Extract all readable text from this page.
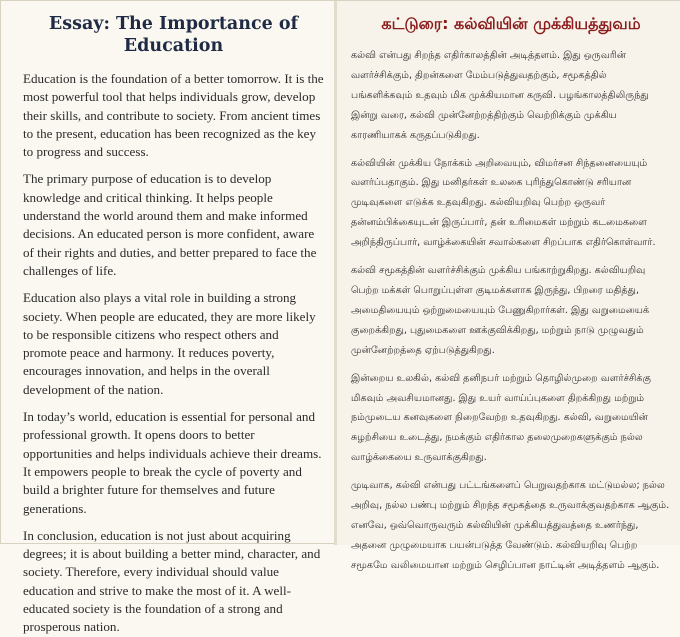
Essay: The Importance of Education

Education is the foundation of a better tomorrow. It is the most powerful tool that helps individuals grow, develop their skills, and contribute to society. From ancient times to the present, education has been recognized as the key to progress and success.

The primary purpose of education is to develop knowledge and critical thinking. It helps people understand the world around them and make informed decisions. An educated person is more confident, aware of their rights and duties, and better prepared to face the challenges of life.

Education also plays a vital role in building a strong society. When people are educated, they are more likely to be responsible citizens who respect others and promote peace and harmony. It reduces poverty, encourages innovation, and helps in the overall development of the nation.

In today’s world, education is essential for personal and professional growth. It opens doors to better opportunities and helps individuals achieve their dreams. It empowers people to break the cycle of poverty and build a brighter future for themselves and future generations.

In conclusion, education is not just about acquiring degrees; it is about building a better mind, character, and society. Therefore, every individual should value education and strive to make the most of it. A well-educated society is the foundation of a strong and prosperous nation.

கட்டுரை: கல்வியின் முக்கியத்துவம்

கல்வி என்பது சிறந்த எதிர்காலத்தின் அடித்தளம். இது ஒருவரின் வளர்ச்சிக்கும், திறன்களை மேம்படுத்துவதற்கும், சமூகத்தில் பங்களிக்கவும் உதவும் மிக முக்கியமான கருவி. பழங்காலத்திலிருந்து இன்று வரை, கல்வி முன்னேற்றத்திற்கும் வெற்றிக்கும் முக்கிய காரணியாகக் கருதப்படுகிறது.

கல்வியின் முக்கிய நோக்கம் அறிவையும், விமர்சன சிந்தனையையும் வளர்ப்பதாகும். இது மனிதர்கள் உலகை புரிந்துகொண்டு சரியான முடிவுகளை எடுக்க உதவுகிறது. கல்வியறிவு பெற்ற ஒருவர் தன்னம்பிக்கையுடன் இருப்பார், தன் உரிமைகள் மற்றும் கடமைகளை அறிந்திருப்பார், வாழ்க்கையின் சவால்களை சிறப்பாக எதிர்கொள்வார்.

கல்வி சமூகத்தின் வளர்ச்சிக்கும் முக்கிய பங்காற்றுகிறது. கல்வியறிவு பெற்ற மக்கள் பொறுப்புள்ள குடிமக்களாக இருந்து, பிறரை மதித்து, அமைதியையும் ஒற்றுமையையும் பேணுகிறார்கள். இது வறுமையைக் குறைக்கிறது, புதுமைகளை ஊக்குவிக்கிறது, மற்றும் நாடு முழுவதும் முன்னேற்றத்தை ஏற்படுத்துகிறது.

இன்றைய உலகில், கல்வி தனிநபர் மற்றும் தொழில்முறை வளர்ச்சிக்கு மிகவும் அவசியமானது. இது உயர் வாய்ப்புகளை திறக்கிறது மற்றும் நம்முடைய கனவுகளை நிறைவேற்ற உதவுகிறது. கல்வி, வறுமையின் சுழற்சியை உடைத்து, நமக்கும் எதிர்கால தலைமுறைகளுக்கும் நல்ல வாழ்க்கையை உருவாக்குகிறது.

முடிவாக, கல்வி என்பது பட்டங்களைப் பெறுவதற்காக மட்டுமல்ல; நல்ல அறிவு, நல்ல பண்பு மற்றும் சிறந்த சமூகத்தை உருவாக்குவதற்காக ஆகும். எனவே, ஒவ்வொருவரும் கல்வியின் முக்கியத்துவத்தை உணர்ந்து, அதனை முழுமையாக பயன்படுத்த வேண்டும். கல்வியறிவு பெற்ற சமூகமே வலிமையான மற்றும் செழிப்பான நாட்டின் அடித்தளம் ஆகும்.
